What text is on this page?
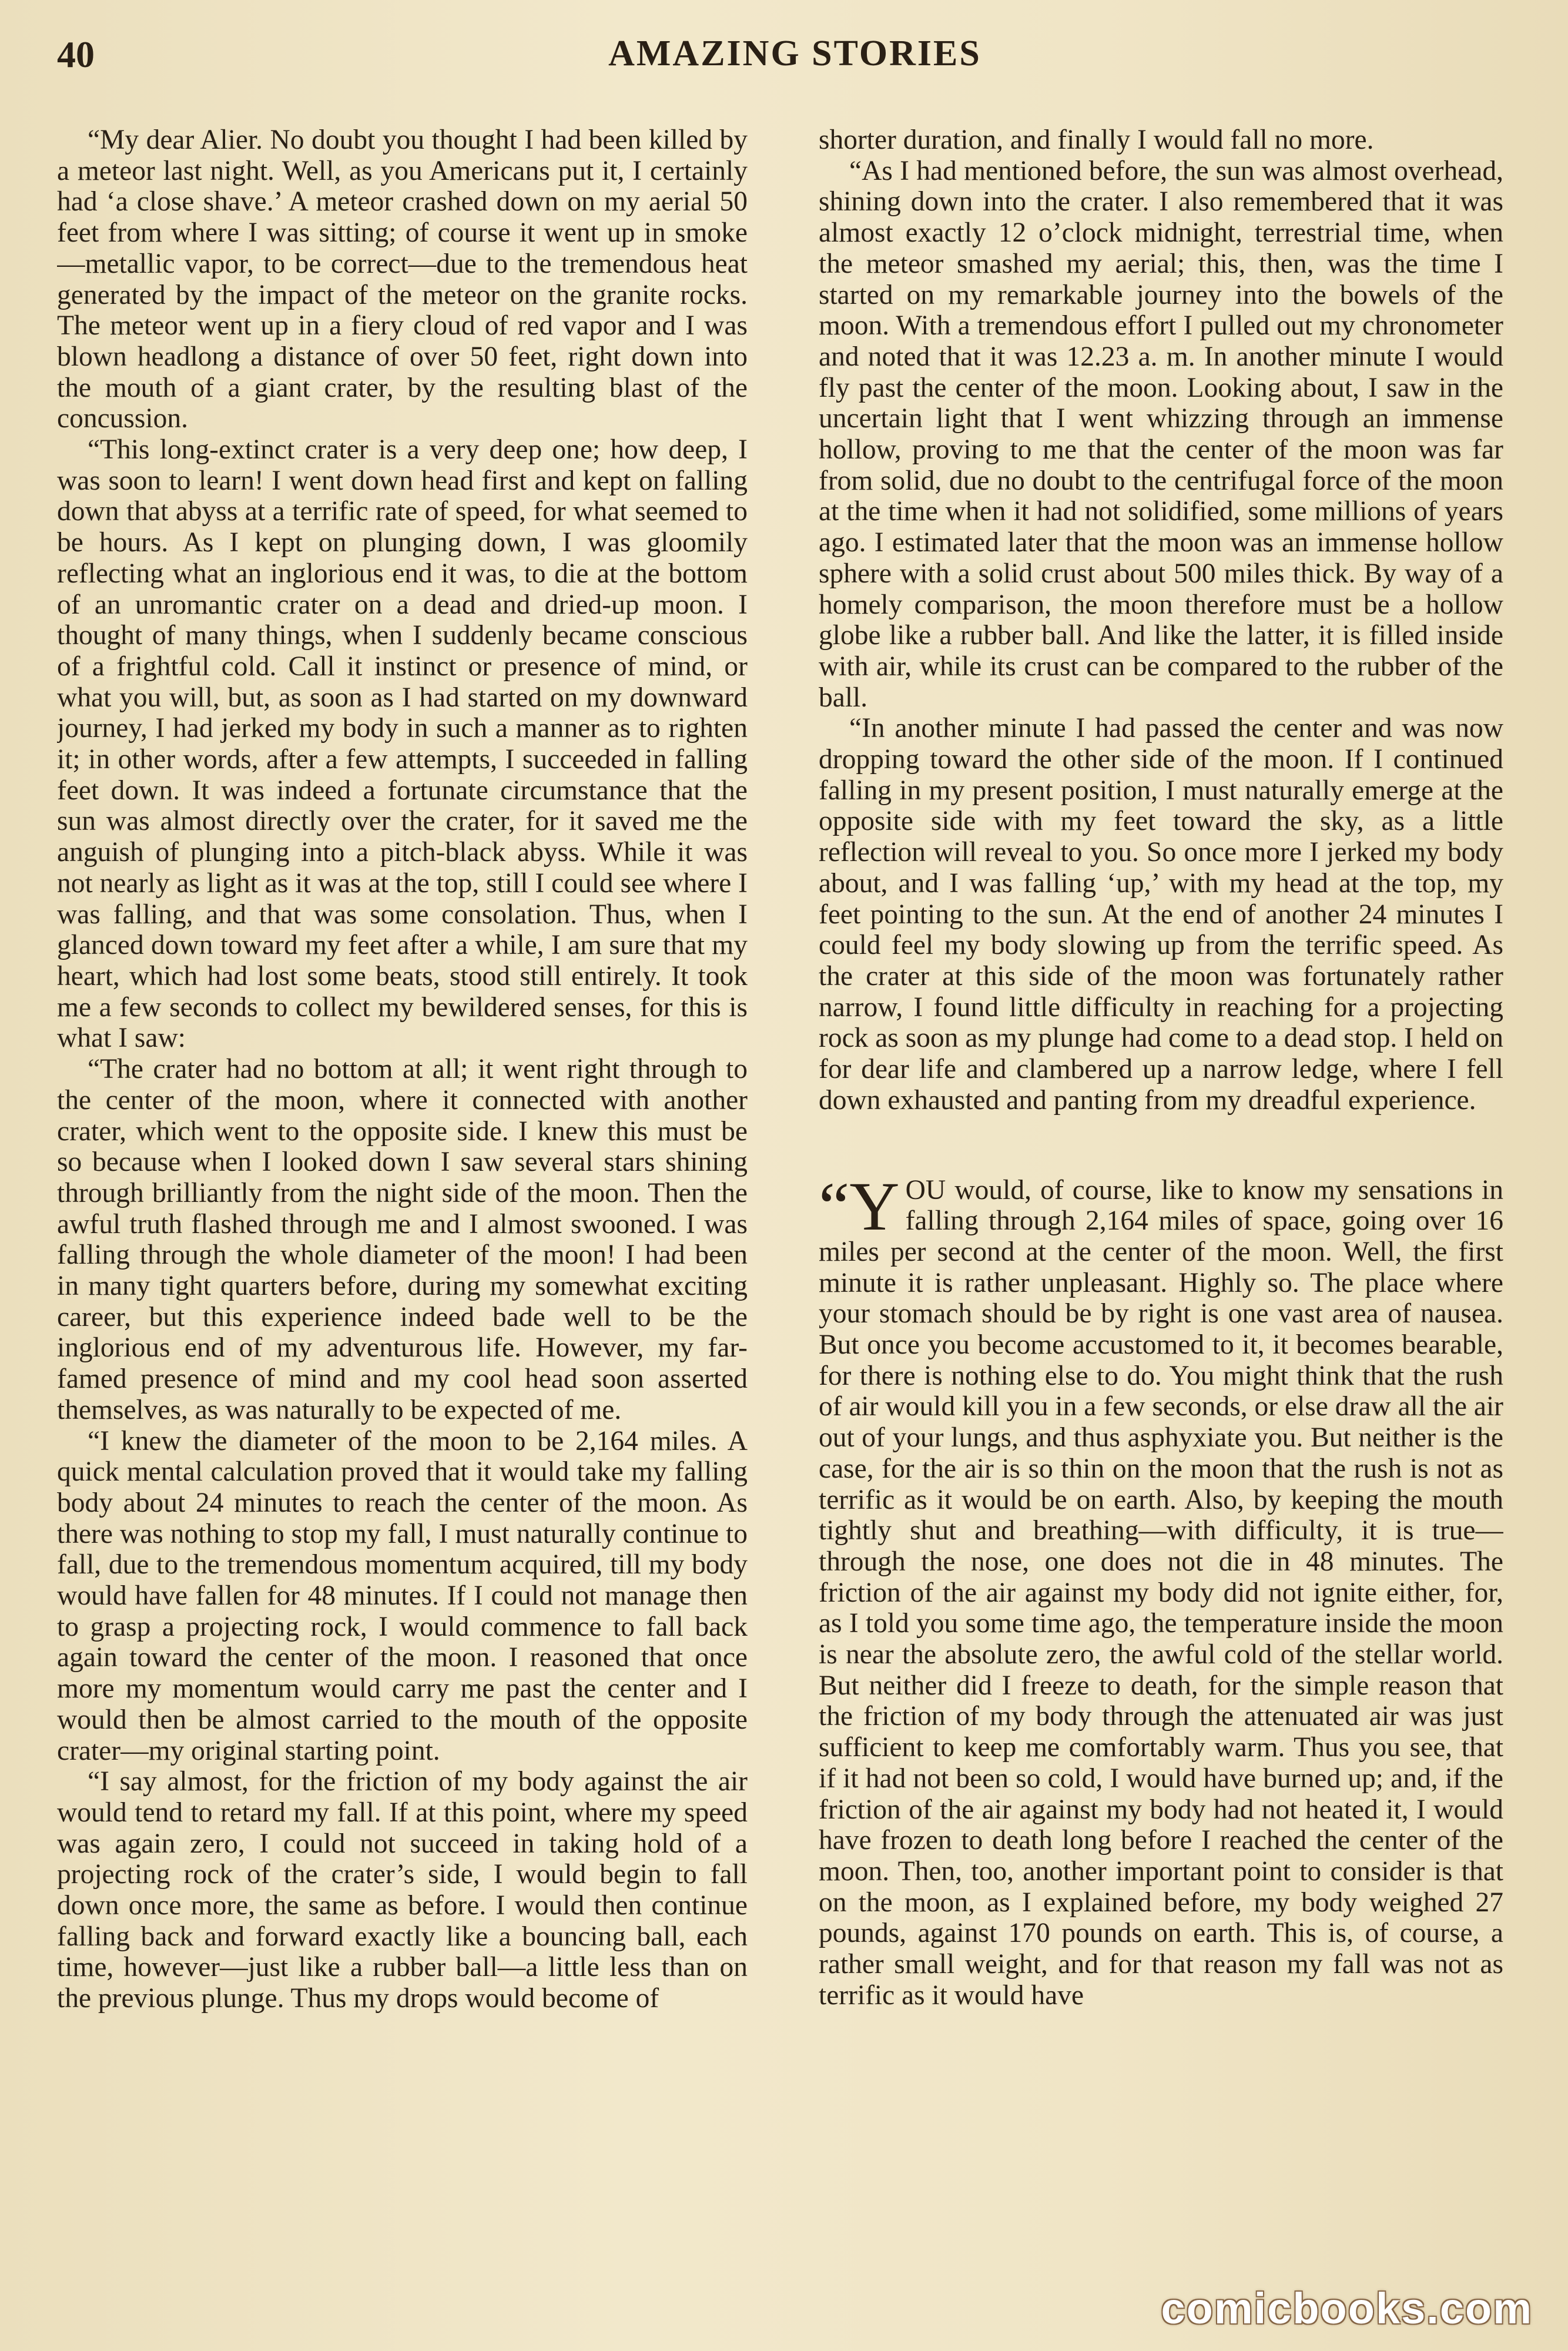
40	AMAZING STORIES

“My dear Alier. No doubt you thought I had been killed by a meteor last night. Well, as you Americans put it, I certainly had ‘a close shave.’ A meteor crashed down on my aerial 50 feet from where I was sitting; of course it went up in smoke—metallic vapor, to be correct—due to the tremendous heat generated by the impact of the meteor on the granite rocks. The meteor went up in a fiery cloud of red vapor and I was blown headlong a distance of over 50 feet, right down into the mouth of a giant crater, by the resulting blast of the concussion.

“This long-extinct crater is a very deep one; how deep, I was soon to learn! I went down head first and kept on falling down that abyss at a terrific rate of speed, for what seemed to be hours. As I kept on plunging down, I was gloomily reflecting what an inglorious end it was, to die at the bottom of an unromantic crater on a dead and dried-up moon. I thought of many things, when I suddenly became conscious of a frightful cold. Call it instinct or presence of mind, or what you will, but, as soon as I had started on my downward journey, I had jerked my body in such a manner as to righten it; in other words, after a few attempts, I succeeded in falling feet down. It was indeed a fortunate circumstance that the sun was almost directly over the crater, for it saved me the anguish of plunging into a pitch-black abyss. While it was not nearly as light as it was at the top, still I could see where I was falling, and that was some consolation. Thus, when I glanced down toward my feet after a while, I am sure that my heart, which had lost some beats, stood still entirely. It took me a few seconds to collect my bewildered senses, for this is what I saw:

“The crater had no bottom at all; it went right through to the center of the moon, where it connected with another crater, which went to the opposite side. I knew this must be so because when I looked down I saw several stars shining through brilliantly from the night side of the moon. Then the awful truth flashed through me and I almost swooned. I was falling through the whole diameter of the moon! I had been in many tight quarters before, during my somewhat exciting career, but this experience indeed bade well to be the inglorious end of my adventurous life. However, my far-famed presence of mind and my cool head soon asserted themselves, as was naturally to be expected of me.

“I knew the diameter of the moon to be 2,164 miles. A quick mental calculation proved that it would take my falling body about 24 minutes to reach the center of the moon. As there was nothing to stop my fall, I must naturally continue to fall, due to the tremendous momentum acquired, till my body would have fallen for 48 minutes. If I could not manage then to grasp a projecting rock, I would commence to fall back again toward the center of the moon. I reasoned that once more my momentum would carry me past the center and I would then be almost carried to the mouth of the opposite crater—my original starting point.

“I say almost, for the friction of my body against the air would tend to retard my fall. If at this point, where my speed was again zero, I could not succeed in taking hold of a projecting rock of the crater’s side, I would begin to fall down once more, the same as before. I would then continue falling back and forward exactly like a bouncing ball, each time, however—just like a rubber ball—a little less than on the previous plunge. Thus my drops would become of

shorter duration, and finally I would fall no more.

“As I had mentioned before, the sun was almost overhead, shining down into the crater. I also remembered that it was almost exactly 12 o’clock midnight, terrestrial time, when the meteor smashed my aerial; this, then, was the time I started on my remarkable journey into the bowels of the moon. With a tremendous effort I pulled out my chronometer and noted that it was 12.23 a. m. In another minute I would fly past the center of the moon. Looking about, I saw in the uncertain light that I went whizzing through an immense hollow, proving to me that the center of the moon was far from solid, due no doubt to the centrifugal force of the moon at the time when it had not solidified, some millions of years ago. I estimated later that the moon was an immense hollow sphere with a solid crust about 500 miles thick. By way of a homely comparison, the moon therefore must be a hollow globe like a rubber ball. And like the latter, it is filled inside with air, while its crust can be compared to the rubber of the ball.

“In another minute I had passed the center and was now dropping toward the other side of the moon. If I continued falling in my present position, I must naturally emerge at the opposite side with my feet toward the sky, as a little reflection will reveal to you. So once more I jerked my body about, and I was falling ‘up,’ with my head at the top, my feet pointing to the sun. At the end of another 24 minutes I could feel my body slowing up from the terrific speed. As the crater at this side of the moon was fortunately rather narrow, I found little difficulty in reaching for a projecting rock as soon as my plunge had come to a dead stop. I held on for dear life and clambered up a narrow ledge, where I fell down exhausted and panting from my dreadful experience.

“YOU would, of course, like to know my sensations in falling through 2,164 miles of space, going over 16 miles per second at the center of the moon. Well, the first minute it is rather unpleasant. Highly so. The place where your stomach should be by right is one vast area of nausea. But once you become accustomed to it, it becomes bearable, for there is nothing else to do. You might think that the rush of air would kill you in a few seconds, or else draw all the air out of your lungs, and thus asphyxiate you. But neither is the case, for the air is so thin on the moon that the rush is not as terrific as it would be on earth. Also, by keeping the mouth tightly shut and breathing—with difficulty, it is true—through the nose, one does not die in 48 minutes. The friction of the air against my body did not ignite either, for, as I told you some time ago, the temperature inside the moon is near the absolute zero, the awful cold of the stellar world. But neither did I freeze to death, for the simple reason that the friction of my body through the attenuated air was just sufficient to keep me comfortably warm. Thus you see, that if it had not been so cold, I would have burned up; and, if the friction of the air against my body had not heated it, I would have frozen to death long before I reached the center of the moon. Then, too, another important point to consider is that on the moon, as I explained before, my body weighed 27 pounds, against 170 pounds on earth. This is, of course, a rather small weight, and for that reason my fall was not as terrific as it would have

comicbooks.com
